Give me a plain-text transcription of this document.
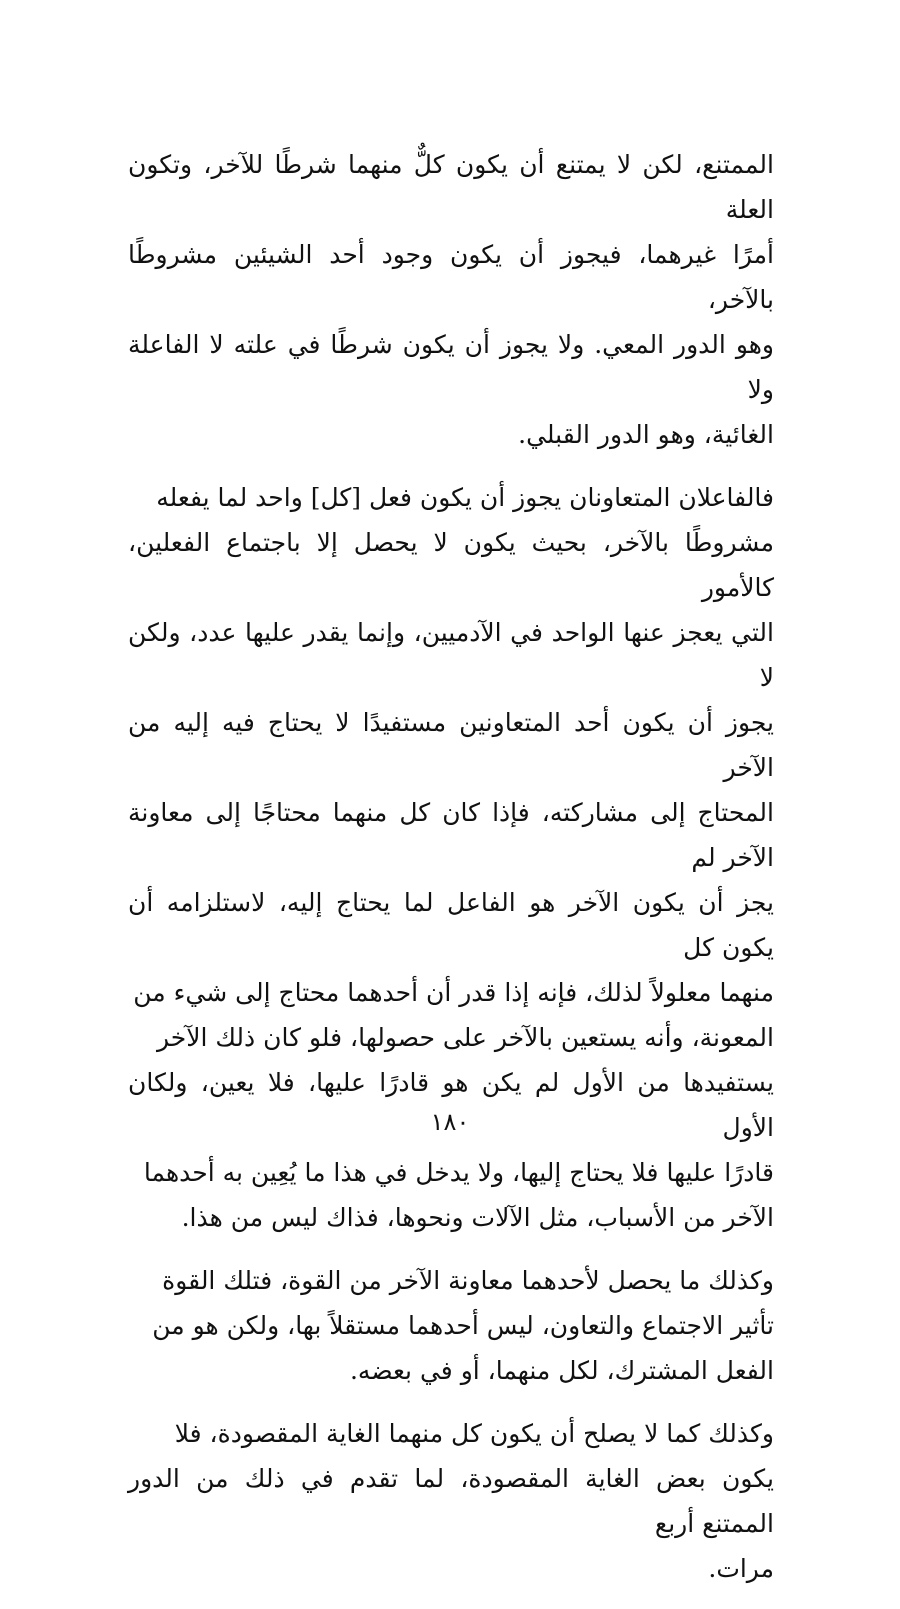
الممتنع، لكن لا يمتنع أن يكون كلٌّ منهما شرطًا للآخر، وتكون العلة
أمرًا غيرهما، فيجوز أن يكون وجود أحد الشيئين مشروطًا بالآخر،
وهو الدور المعي. ولا يجوز أن يكون شرطًا في علته لا الفاعلة ولا
الغائية، وهو الدور القبلي.

فالفاعلان المتعاونان يجوز أن يكون فعل [كل] واحد لما يفعله
مشروطًا بالآخر، بحيث يكون لا يحصل إلا باجتماع الفعلين، كالأمور
التي يعجز عنها الواحد في الآدميين، وإنما يقدر عليها عدد، ولكن لا
يجوز أن يكون أحد المتعاونين مستفيدًا لا يحتاج فيه إليه من الآخر
المحتاج إلى مشاركته، فإذا كان كل منهما محتاجًا إلى معاونة الآخر لم
يجز أن يكون الآخر هو الفاعل لما يحتاج إليه، لاستلزامه أن يكون كل
منهما معلولاً لذلك، فإنه إذا قدر أن أحدهما محتاج إلى شيء من
المعونة، وأنه يستعين بالآخر على حصولها، فلو كان ذلك الآخر
يستفيدها من الأول لم يكن هو قادرًا عليها، فلا يعين، ولكان الأول
قادرًا عليها فلا يحتاج إليها، ولا يدخل في هذا ما يُعِين به أحدهما
الآخر من الأسباب، مثل الآلات ونحوها، فذاك ليس من هذا.

وكذلك ما يحصل لأحدهما معاونة الآخر من القوة، فتلك القوة
تأثير الاجتماع والتعاون، ليس أحدهما مستقلاً بها، ولكن هو من
الفعل المشترك، لكل منهما، أو في بعضه.

وكذلك كما لا يصلح أن يكون كل منهما الغاية المقصودة، فلا
يكون بعض الغاية المقصودة، لما تقدم في ذلك من الدور الممتنع أربع
مرات.

١٨٠
